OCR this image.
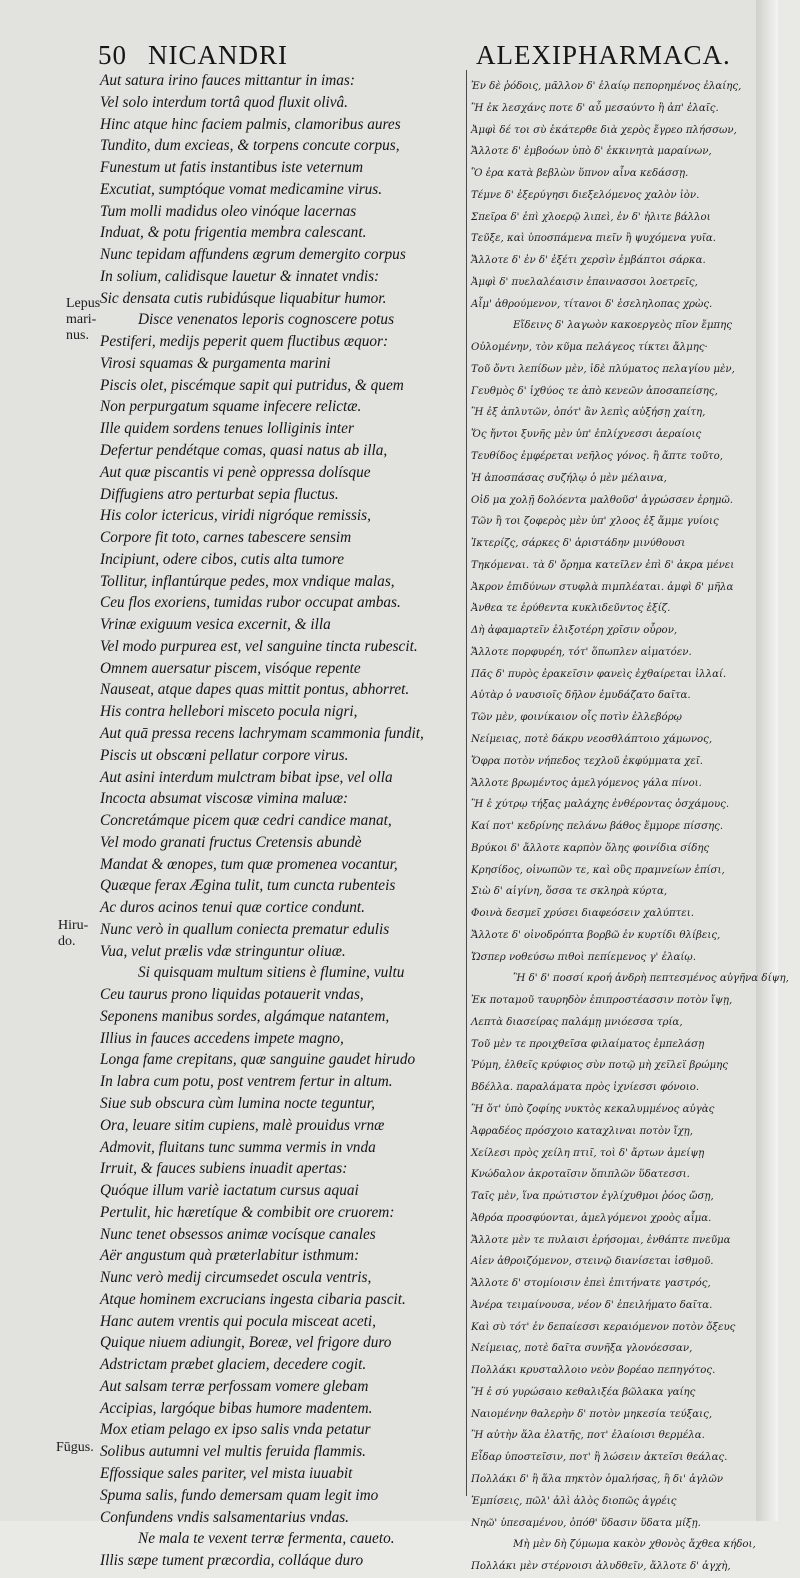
50 NICANDRI	ALEXIPHARMACA.
Lepus
mari-
nus.
Hiru-
do.
Fūgus.
Aut satura irino fauces mittantur in imas:
Vel solo interdum tortâ quod fluxit olivâ.
Hinc atque hinc faciem palmis, clamoribus aures
Tundito, dum excieas, & torpens concute corpus,
Funestum ut fatis instantibus iste veternum
Excutiat, sumptóque vomat medicamine virus.
Tum molli madidus oleo vinóque lacernas
Induat, & potu frigentia membra calescant.
Nunc tepidam affundens ægrum demergito corpus
In solium, calidisque lauetur & innatet vndis:
Sic densata cutis rubidúsque liquabitur humor.
Disce venenatos leporis cognoscere potus
Pestiferi, medijs peperit quem fluctibus æquor:
Virosi squamas & purgamenta marini
Piscis olet, piscémque sapit qui putridus, & quem
Non perpurgatum squame infecere relictæ.
Ille quidem sordens tenues lolliginis inter
Defertur pendétque comas, quasi natus ab illa,
Aut quæ piscantis vi penè oppressa dolísque
Diffugiens atro perturbat sepia fluctus.
His color ictericus, viridi nigróque remissis,
Corpore fit toto, carnes tabescere sensim
Incipiunt, odere cibos, cutis alta tumore
Tollitur, inflantúrque pedes, mox vndique malas,
Ceu flos exoriens, tumidas rubor occupat ambas.
Vrinæ exiguum vesica excernit, & illa
Vel modo purpurea est, vel sanguine tincta rubescit.
Omnem auersatur piscem, visóque repente
Nauseat, atque dapes quas mittit pontus, abhorret.
His contra hellebori misceto pocula nigri,
Aut quā pressa recens lachrymam scammonia fundit,
Piscis ut obscœni pellatur corpore virus.
Aut asini interdum mulctram bibat ipse, vel olla
Incocta absumat viscosæ vimina maluæ:
Concretámque picem quæ cedri candice manat,
Vel modo granati fructus Cretensis abundè
Mandat & œnopes, tum quæ promenea vocantur,
Quæque ferax Ægina tulit, tum cuncta rubenteis
Ac duros acinos tenui quæ cortice condunt.
Nunc verò in quallum coniecta prematur edulis
Vua, velut prælis vdæ stringuntur oliuæ.
Si quisquam multum sitiens è flumine, vultu
Ceu taurus prono liquidas potauerit vndas,
Seponens manibus sordes, algámque natantem,
Illius in fauces accedens impete magno,
Longa fame crepitans, quæ sanguine gaudet hirudo
In labra cum potu, post ventrem fertur in altum.
Siue sub obscura cùm lumina nocte teguntur,
Ora, leuare sitim cupiens, malè prouidus vrnæ
Admovit, fluitans tunc summa vermis in vnda
Irruit, & fauces subiens inuadit apertas:
Quóque illum variè iactatum cursus aquai
Pertulit, hic hæretíque & combibit ore cruorem:
Nunc tenet obsessos animæ vocísque canales
Aër angustum quà præterlabitur isthmum:
Nunc verò medij circumsedet oscula ventris,
Atque hominem excrucians ingesta cibaria pascit.
Hanc autem vrentis qui pocula misceat aceti,
Quique niuem adiungit, Boreæ, vel frigore duro
Adstrictam præbet glaciem, decedere cogit.
Aut salsam terræ perfossam vomere glebam
Accipias, largóque bibas humore madentem.
Mox etiam pelago ex ipso salis vnda petatur
Solibus autumni vel multis feruida flammis.
Effossique sales pariter, vel mista iuuabit
Spuma salis, fundo demersam quam legit imo
Confundens vndis salsamentarius vndas.
Ne mala te vexent terræ fermenta, caueto.
Illis sæpe tument præcordia, colláque duro
Ἐν δὲ ῥόδοις, μᾶλλον δ' ἐλαίῳ πεπορημένος ἐλαίης,
Ἢ ἐκ λεσχάνς ποτε δ' αὖ μεσαύντο ἢ ἀπ' ἐλαῖς.
Ἀμφὶ δέ τοι σὺ ἑκάτερθε διὰ χερὸς ἔγρεο πλήσσων,
Ἄλλοτε δ' ἐμβοόων ὑπὸ δ' ἐκκινητὰ μαραίνων,
Ὃ ἐρα κατὰ βεβλὼν ὕπνον αἶνα κεδάσσῃ.
Τέμνε δ' ἐξερύγησι διεξελόμενος χαλὸν ἰὸν.
Σπεῖρα δ' ἐπὶ χλοερῷ λιπεὶ, ἐν δ' ἠλιτε βάλλοι
Τεῦξε, καὶ ὑποσπάμενα πιεῖν ἢ ψυχόμενα γυῖα.
Ἄλλοτε δ' ἐν δ' ἐξέτι χερσὶν ἐμβάπτοι σάρκα.
Ἀμφὶ δ' πυελαλέαισιν ἐπαινασσοι λοετρεῖς,
Αἷμ' ἀθρούμενον, τίτανοι δ' ἐσεληλοπας χρὼς.
Εἴδεινς δ' λαγωὸν κακοεργεὸς πῖον ἔμπης
Οὐλομένην, τὸν κῦμα πελάγεος τίκτει ἄλμης·
Τοῦ ὄντι λεπίδων μὲν, ἰδὲ πλύματος πελαγίου μὲν,
Γευθμὸς δ' ἰχθύος τε ἀπὸ κενεῶν ἀποσαπείσης,
Ἢ ἐξ ἀπλυτῶν, ὁπότ' ἂν λεπὶς αὐξήσῃ χαίτη,
Ὅς ἤντοι ξυνῆς μὲν ὑπ' ἐπλίχνεσσι ἀεραίοις
Τευθίδος ἐμφέρεται νεῆλος γόνος. ἢ ἄπτε τοῦτο,
Ἠ ἀποσπάσας συζήλῳ ὁ μὲν μέλαινα,
Οἰδ μα χολῇ δολόεντα μαλθοῦσ' ἀγρώσσεν ἐρημῶ.
Τῶν ἢ τοι ζοφερὸς μὲν ὑπ' χλοος ἐξ ἄμμε γυίοις
Ἰκτερίζς, σάρκες δ' ἀριστάδην μινύθουσι
Τηκόμεναι. τὰ δ' ὄρημα κατεῖλεν ἐπὶ δ' ἀκρα μένει
Ἀκρον ἐπιδύνων στυφλὰ πιμπλέαται. ἀμφὶ δ' μῆλα
Ἀνθεα τε ἐρύθεντα κυκλιδεῦντος ἐξίζ.
Δὴ ἀφαμαρτεῖν ἐλιξοτέρη χρῖσιν οὖρον,
Ἄλλοτε πορφυρέη, τότ' ὅπωπλεν αἱματόεν.
Πᾶς δ' πυρὸς ἐρακεῖσιν φανεὶς ἐχθαίρεται ἰλλαί.
Αὐτὰρ ὁ ναυσιοῖς δῆλον ἐμυδάζατο δαῖτα.
Τῶν μὲν, φοινίκαιον οἷς ποτὶν ἐλλεβόρῳ
Νείμειας, ποτὲ δάκρυ νεοσθλάπτοιο χάμωνος,
Ὄφρα ποτὸν νήπεδος τεχλοῦ ἐκφύμματα χεῖ.
Ἄλλοτε βρωμέντος ἀμελγόμενος γάλα πίνοι.
Ἢ ἐ χύτρῳ τήξας μαλάχης ἐνθέροντας ὀσχάμους.
Καί ποτ' κεδρίνης πελάνω βάθος ἔμμορε πίσσης.
Βρύκοι δ' ἄλλοτε καρπὸν ὅλης φοινίδια σίδης
Κρησίδος, οἰνωπῶν τε, καὶ οὓς πραμνείων ἐπίσι,
Σιὼ δ' αἰγίνη, ὅσσα τε σκληρὰ κύρτα,
Φοινὰ δεσμεῖ χρύσει διαφεόσειν χαλύπτει.
Ἄλλοτε δ' οἰνοδρόπτα βορβῶ ἐν κυρτίδι θλίβεις,
Ὤσπερ νοθεύσω πιθοὶ πεπίεμενος γ' ἐλαίῳ.
Ἢ δ' δ' ποσσί κροή ἀνδρὴ πεπτεσμένος αὐγῆνα δίψη,
Ἐκ ποταμοῦ ταυρηδὸν ἐπιπροστέασσιν ποτὸν ἴψῃ,
Λεπτὰ διασείρας παλάμῃ μνιόεσσα τρία,
Τοῦ μὲν τε προιχθεῖσα φιλαίματος ἐμπελάσῃ
Ῥύμη, ἐλθεῖς κρύφιος σὺν ποτῷ μὴ χεῖλεϊ βρώμης
Βδέλλα. παραλάματα πρὸς ἰχνίεσσι φόνοιο.
Ἢ ὅτ' ὑπὸ ζοφίης νυκτὸς κεκαλυμμένος αὐγὰς
Ἀφραδέος πρόσχοιο καταχλιναι ποτὸν ἴχῃ,
Χείλεσι πρὸς χείλη πτιῖ, τοὶ δ' ἄρτων ἀμείψῃ
Κνώδαλον ἀκροταῖσιν ὅπιπλῶν ὕδατεσσι.
Ταῖς μὲν, ἵνα πρώτιστον ἐγλίχυθμοι ῥόος ὤσῃ,
Ἀθρόα προσφύονται, ἀμελγόμενοι χροὸς αἷμα.
Ἄλλοτε μὲν τε πυλαισι ἐρήσομαι, ἐνθάπτε πνεῦμα
Αἰεν ἀθροιζόμενον, στεινῷ διανίσεται ἰσθμοῦ.
Ἄλλοτε δ' στομίοισιν ἐπεὶ ἐπιτήνατε γαστρός,
Ἀνέρα τειμαίνουσα, νέον δ' ἐπειλήματο δαῖτα.
Καὶ σὺ τότ' ἐν δεπαίεσσι κεραιόμενον ποτὸν ὄξευς
Νείμειας, ποτὲ δαῖτα συνῆξα γλονόεσσαν,
Πολλάκι κρυσταλλοιο νεὸν βορέαο πεπηγότος.
Ἢ ἐ σύ γυρώσαιο κεθαλιξέα βῶλακα γαίης
Ναιομένην θαλερὴν δ' ποτὸν μηκεσία τεύξαις,
Ἢ αὐτὴν ἅλα ἑλατῆς, ποτ' ἐλαίοισι θερμέλα.
Εἶδαρ ὑποστεῖσιν, ποτ' ἢ λώσειν ἀκτεῖσι θεάλας.
Πολλάκι δ' ἢ ἅλα πηκτὸν ὁμαλήσας, ἢ δι' ἀγλῶν
Ἐμπίσεις, πῶλ' ἀλὶ ἀλὸς διοπῶς ἀγρέις
Νηῶ' ὑπεσαμένου, ὁπόθ' ὕδασιν ὕδατα μίξῃ.
Μὴ μὲν δὴ ζύμωμα κακὸν χθονὸς ἄχθεα κήδοι,
Πολλάκι μὲν στέρνοισι ἀλυδθεῖν, ἄλλοτε δ' ἀγχὴ,
